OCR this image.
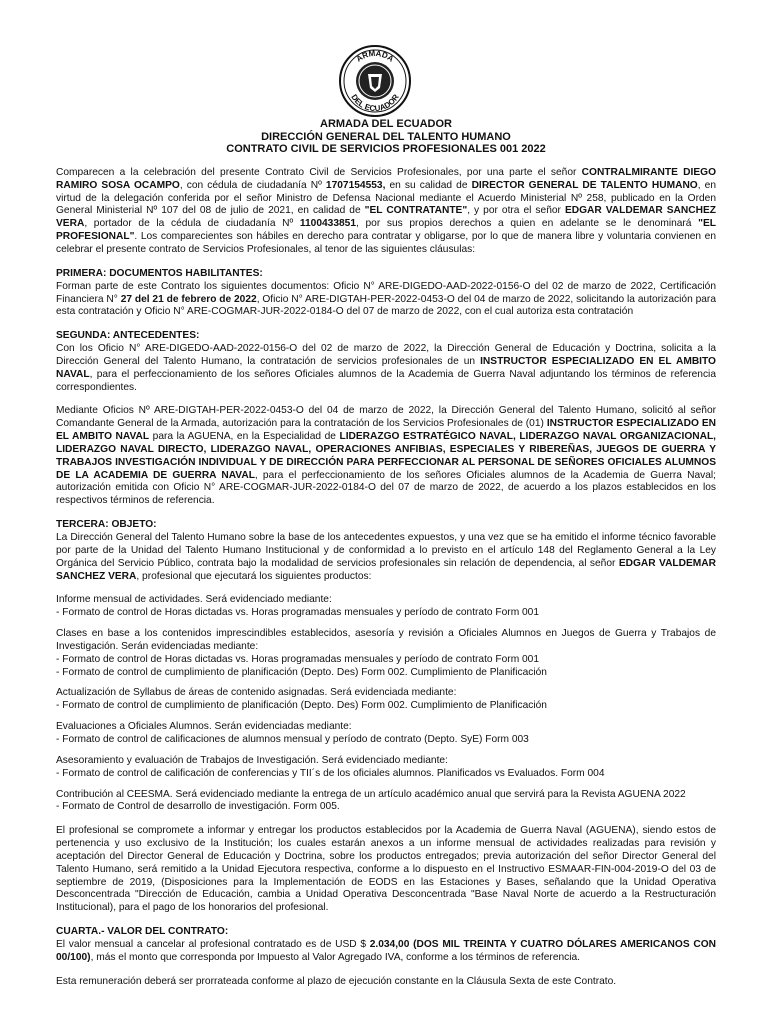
ARMADA
DEL ECUADOR
ARMADA DEL ECUADOR
DIRECCIÓN GENERAL DEL TALENTO HUMANO
CONTRATO CIVIL DE SERVICIOS PROFESIONALES 001 2022

Comparecen a la celebración del presente Contrato Civil de Servicios Profesionales, por una parte el señor CONTRALMIRANTE DIEGO RAMIRO SOSA OCAMPO, con cédula de ciudadanía Nº 1707154553, en su calidad de DIRECTOR GENERAL DE TALENTO HUMANO, en virtud de la delegación conferida por el señor Ministro de Defensa Nacional mediante el Acuerdo Ministerial Nº 258, publicado en la Orden General Ministerial Nº 107 del 08 de julio de 2021, en calidad de "EL CONTRATANTE", y por otra el señor EDGAR VALDEMAR SANCHEZ VERA, portador de la cédula de ciudadanía Nº 1100433851, por sus propios derechos a quien en adelante se le denominará "EL PROFESIONAL". Los comparecientes son hábiles en derecho para contratar y obligarse, por lo que de manera libre y voluntaria convienen en celebrar el presente contrato de Servicios Profesionales, al tenor de las siguientes cláusulas:

PRIMERA: DOCUMENTOS HABILITANTES:

Forman parte de este Contrato los siguientes documentos: Oficio N° ARE-DIGEDO-AAD-2022-0156-O del 02 de marzo de 2022, Certificación Financiera N° 27 del 21 de febrero de 2022, Oficio N° ARE-DIGTAH-PER-2022-0453-O del 04 de marzo de 2022, solicitando la autorización para esta contratación y Oficio N° ARE-COGMAR-JUR-2022-0184-O del 07 de marzo de 2022, con el cual autoriza esta contratación

SEGUNDA: ANTECEDENTES:

Con los Oficio N° ARE-DIGEDO-AAD-2022-0156-O del 02 de marzo de 2022, la Dirección General de Educación y Doctrina, solicita a la Dirección General del Talento Humano, la contratación de servicios profesionales de un INSTRUCTOR ESPECIALIZADO EN EL AMBITO NAVAL, para el perfeccionamiento de los señores Oficiales alumnos de la Academia de Guerra Naval adjuntando los términos de referencia correspondientes.

Mediante Oficios Nº ARE-DIGTAH-PER-2022-0453-O del 04 de marzo de 2022, la Dirección General del Talento Humano, solicitó al señor Comandante General de la Armada, autorización para la contratación de los Servicios Profesionales de (01) INSTRUCTOR ESPECIALIZADO EN EL AMBITO NAVAL para la AGUENA, en la Especialidad de LIDERAZGO ESTRATÉGICO NAVAL, LIDERAZGO NAVAL ORGANIZACIONAL, LIDERAZGO NAVAL DIRECTO, LIDERAZGO NAVAL, OPERACIONES ANFIBIAS, ESPECIALES Y RIBEREÑAS, JUEGOS DE GUERRA Y TRABAJOS INVESTIGACIÓN INDIVIDUAL Y DE DIRECCIÓN PARA PERFECCIONAR AL PERSONAL DE SEÑORES OFICIALES ALUMNOS DE LA ACADEMIA DE GUERRA NAVAL, para el perfeccionamiento de los señores Oficiales alumnos de la Academia de Guerra Naval; autorización emitida con Oficio N° ARE-COGMAR-JUR-2022-0184-O del 07 de marzo de 2022, de acuerdo a los plazos establecidos en los respectivos términos de referencia.

TERCERA: OBJETO:

La Dirección General del Talento Humano sobre la base de los antecedentes expuestos, y una vez que se ha emitido el informe técnico favorable por parte de la Unidad del Talento Humano Institucional y de conformidad a lo previsto en el artículo 148 del Reglamento General a la Ley Orgánica del Servicio Público, contrata bajo la modalidad de servicios profesionales sin relación de dependencia, al señor EDGAR VALDEMAR SANCHEZ VERA, profesional que ejecutará los siguientes productos:

Informe mensual de actividades. Será evidenciado mediante:

- Formato de control de Horas dictadas vs. Horas programadas mensuales y período de contrato Form 001

Clases en base a los contenidos imprescindibles establecidos, asesoría y revisión a Oficiales Alumnos en Juegos de Guerra y Trabajos de Investigación. Serán evidenciadas mediante:

- Formato de control de Horas dictadas vs. Horas programadas mensuales y período de contrato Form 001

- Formato de control de cumplimiento de planificación (Depto. Des) Form 002. Cumplimiento de Planificación

Actualización de Syllabus de áreas de contenido asignadas. Será evidenciada mediante:

- Formato de control de cumplimiento de planificación (Depto. Des) Form 002. Cumplimiento de Planificación

Evaluaciones a Oficiales Alumnos. Serán evidenciadas mediante:

- Formato de control de calificaciones de alumnos mensual y período de contrato (Depto. SyE) Form 003

Asesoramiento y evaluación de Trabajos de Investigación. Será evidenciado mediante:

- Formato de control de calificación de conferencias y TII´s de los oficiales alumnos. Planificados vs Evaluados. Form 004

Contribución al CEESMA. Será evidenciado mediante la entrega de un artículo académico anual que servirá para la Revista AGUENA 2022

- Formato de Control de desarrollo de investigación. Form 005.

El profesional se compromete a informar y entregar los productos establecidos por la Academia de Guerra Naval (AGUENA), siendo estos de pertenencia y uso exclusivo de la Institución; los cuales estarán anexos a un informe mensual de actividades realizadas para revisión y aceptación del Director General de Educación y Doctrina, sobre los productos entregados; previa autorización del señor Director General del Talento Humano, será remitido a la Unidad Ejecutora respectiva, conforme a lo dispuesto en el Instructivo ESMAAR-FIN-004-2019-O del 03 de septiembre de 2019, (Disposiciones para la Implementación de EODS en las Estaciones y Bases, señalando que la Unidad Operativa Desconcentrada "Dirección de Educación, cambia a Unidad Operativa Desconcentrada "Base Naval Norte de acuerdo a la Restructuración Institucional), para el pago de los honorarios del profesional.

CUARTA.- VALOR DEL CONTRATO:

El valor mensual a cancelar al profesional contratado es de USD $ 2.034,00 (DOS MIL TREINTA Y CUATRO DÓLARES AMERICANOS CON 00/100), más el monto que corresponda por Impuesto al Valor Agregado IVA, conforme a los términos de referencia.

Esta remuneración deberá ser prorrateada conforme al plazo de ejecución constante en la Cláusula Sexta de este Contrato.
